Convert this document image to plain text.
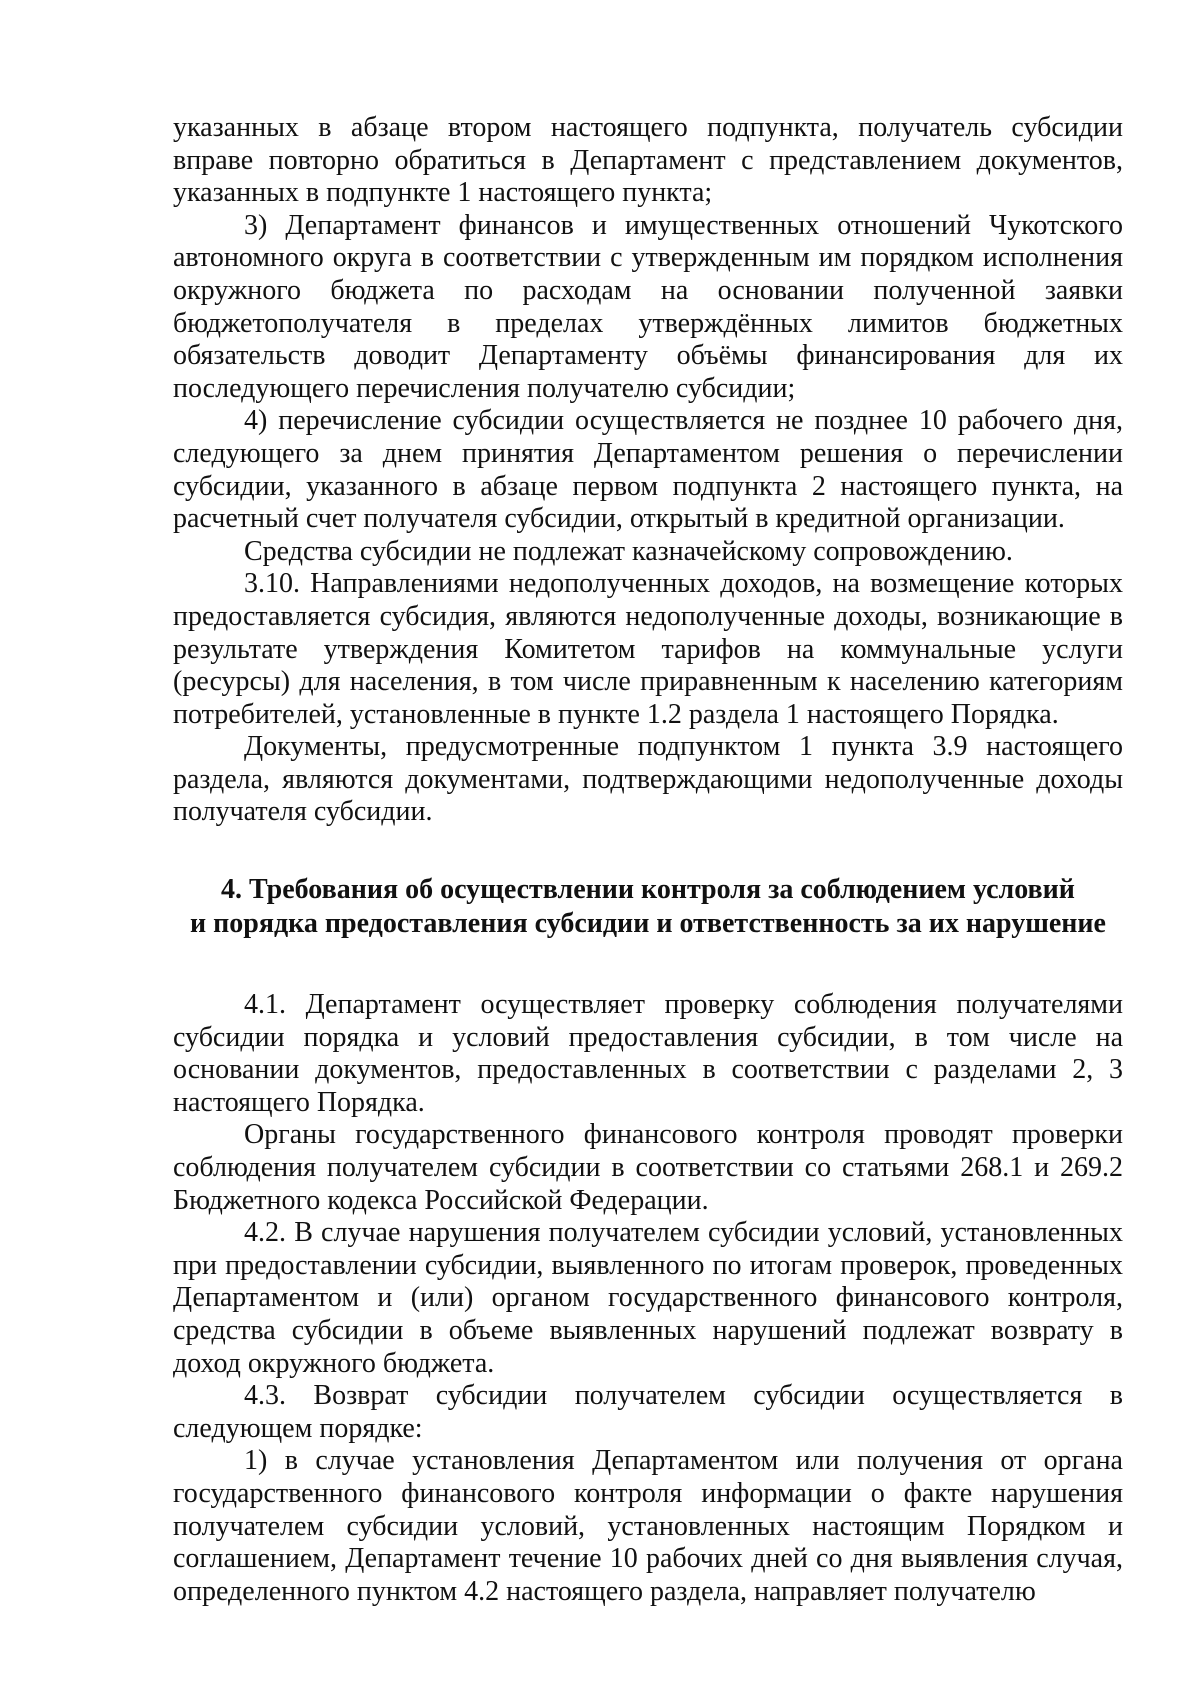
указанных в абзаце втором настоящего подпункта, получатель субсидии вправе повторно обратиться в Департамент с представлением документов, указанных в подпункте 1 настоящего пункта;

3) Департамент финансов и имущественных отношений Чукотского автономного округа в соответствии с утвержденным им порядком исполнения окружного бюджета по расходам на основании полученной заявки бюджетополучателя в пределах утверждённых лимитов бюджетных обязательств доводит Департаменту объёмы финансирования для их последующего перечисления получателю субсидии;

4) перечисление субсидии осуществляется не позднее 10 рабочего дня, следующего за днем принятия Департаментом решения о перечислении субсидии, указанного в абзаце первом подпункта 2 настоящего пункта, на расчетный счет получателя субсидии, открытый в кредитной организации.

Средства субсидии не подлежат казначейскому сопровождению.

3.10. Направлениями недополученных доходов, на возмещение которых предоставляется субсидия, являются недополученные доходы, возникающие в результате утверждения Комитетом тарифов на коммунальные услуги (ресурсы) для населения, в том числе приравненным к населению категориям потребителей, установленные в пункте 1.2 раздела 1 настоящего Порядка.

Документы, предусмотренные подпунктом 1 пункта 3.9 настоящего раздела, являются документами, подтверждающими недополученные доходы получателя субсидии.

4. Требования об осуществлении контроля за соблюдением условий
и порядка предоставления субсидии и ответственность за их нарушение

4.1. Департамент осуществляет проверку соблюдения получателями субсидии порядка и условий предоставления субсидии, в том числе на основании документов, предоставленных в соответствии с разделами 2, 3 настоящего Порядка.

Органы государственного финансового контроля проводят проверки соблюдения получателем субсидии в соответствии со статьями 268.1 и 269.2 Бюджетного кодекса Российской Федерации.

4.2. В случае нарушения получателем субсидии условий, установленных при предоставлении субсидии, выявленного по итогам проверок, проведенных Департаментом и (или) органом государственного финансового контроля, средства субсидии в объеме выявленных нарушений подлежат возврату в доход окружного бюджета.

4.3. Возврат субсидии получателем субсидии осуществляется в следующем порядке:

1) в случае установления Департаментом или получения от органа государственного финансового контроля информации о факте нарушения получателем субсидии условий, установленных настоящим Порядком и соглашением, Департамент течение 10 рабочих дней со дня выявления случая, определенного пунктом 4.2 настоящего раздела, направляет получателю
